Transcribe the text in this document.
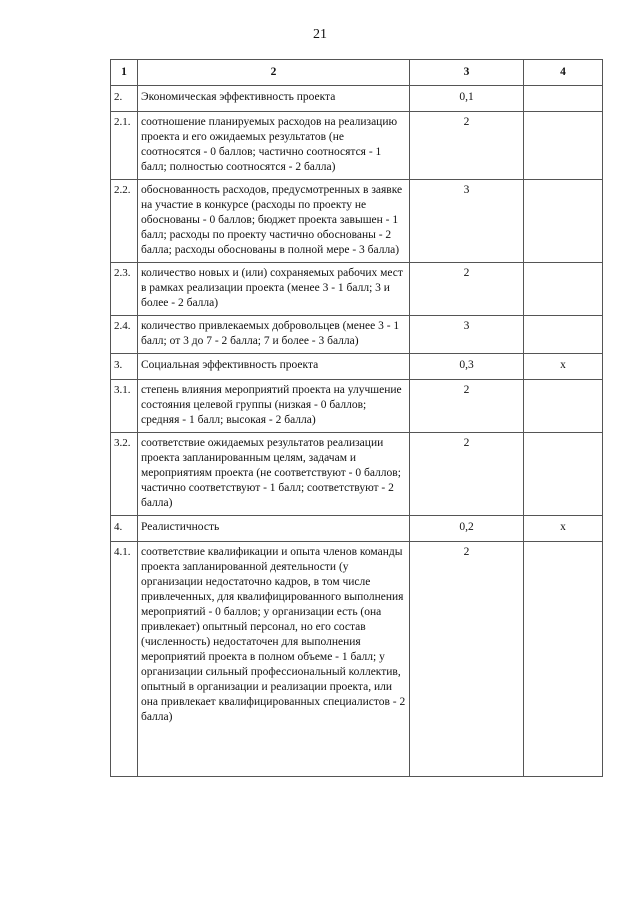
21
1	2	3	4
2.	Экономическая эффективность проекта	0,1	
2.1.	соотношение планируемых расходов на реализацию проекта и его ожидаемых результатов (не соотносятся - 0 баллов; частично соотносятся - 1 балл; полностью соотносятся - 2 балла)	2	
2.2.	обоснованность расходов, предусмотренных в заявке на участие в конкурсе (расходы по проекту не обоснованы - 0 баллов; бюджет проекта завышен - 1 балл; расходы по проекту частично обоснованы - 2 балла; расходы обоснованы в полной мере - 3 балла)	3	
2.3.	количество новых и (или) сохраняемых рабочих мест в рамках реализации проекта (менее 3 - 1 балл; 3 и более - 2 балла)	2	
2.4.	количество привлекаемых добровольцев (менее 3 - 1 балл; от 3 до 7 - 2 балла; 7 и более - 3 балла)	3	
3.	Социальная эффективность проекта	0,3	x
3.1.	степень влияния мероприятий проекта на улучшение состояния целевой группы (низкая - 0 баллов; средняя - 1 балл; высокая - 2 балла)	2	
3.2.	соответствие ожидаемых результатов реализации проекта запланированным целям, задачам и мероприятиям проекта (не соответствуют - 0 баллов; частично соответствуют - 1 балл; соответствуют - 2 балла)	2	
4.	Реалистичность	0,2	x
4.1.	соответствие квалификации и опыта членов команды проекта запланированной деятельности (у организации недостаточно кадров, в том числе привлеченных, для квалифицированного выполнения мероприятий - 0 баллов; у организации есть (она привлекает) опытный персонал, но его состав (численность) недостаточен для выполнения мероприятий проекта в полном объеме - 1 балл; у организации сильный профессиональный коллектив, опытный в организации и реализации проекта, или она привлекает квалифицированных специалистов - 2 балла)	2	
